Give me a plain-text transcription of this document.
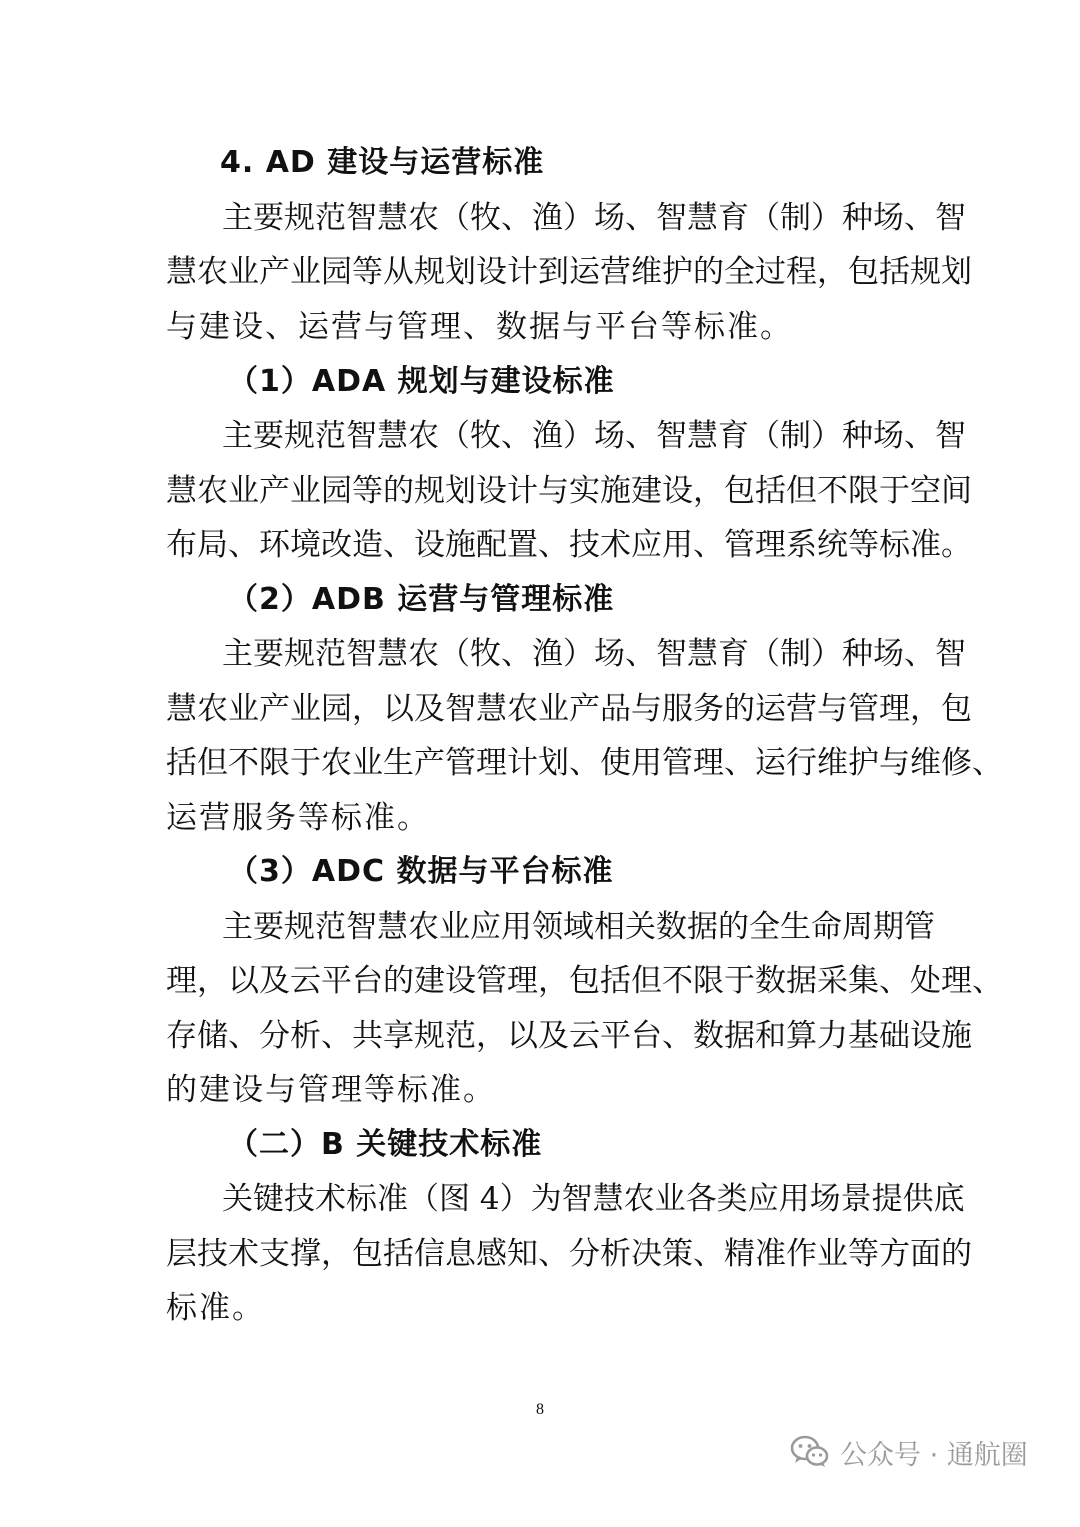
4. AD 建设与运营标准
主要规范智慧农（牧、渔）场、智慧育（制）种场、智
慧农业产业园等从规划设计到运营维护的全过程，包括规划
与建设、运营与管理、数据与平台等标准。
（1）ADA 规划与建设标准
主要规范智慧农（牧、渔）场、智慧育（制）种场、智
慧农业产业园等的规划设计与实施建设，包括但不限于空间
布局、环境改造、设施配置、技术应用、管理系统等标准。
（2）ADB 运营与管理标准
主要规范智慧农（牧、渔）场、智慧育（制）种场、智
慧农业产业园，以及智慧农业产品与服务的运营与管理，包
括但不限于农业生产管理计划、使用管理、运行维护与维修、
运营服务等标准。
（3）ADC 数据与平台标准
主要规范智慧农业应用领域相关数据的全生命周期管
理，以及云平台的建设管理，包括但不限于数据采集、处理、
存储、分析、共享规范，以及云平台、数据和算力基础设施
的建设与管理等标准。
（二）B 关键技术标准
关键技术标准（图 4）为智慧农业各类应用场景提供底
层技术支撑，包括信息感知、分析决策、精准作业等方面的
标准。
8
公众号 · 通航圈
